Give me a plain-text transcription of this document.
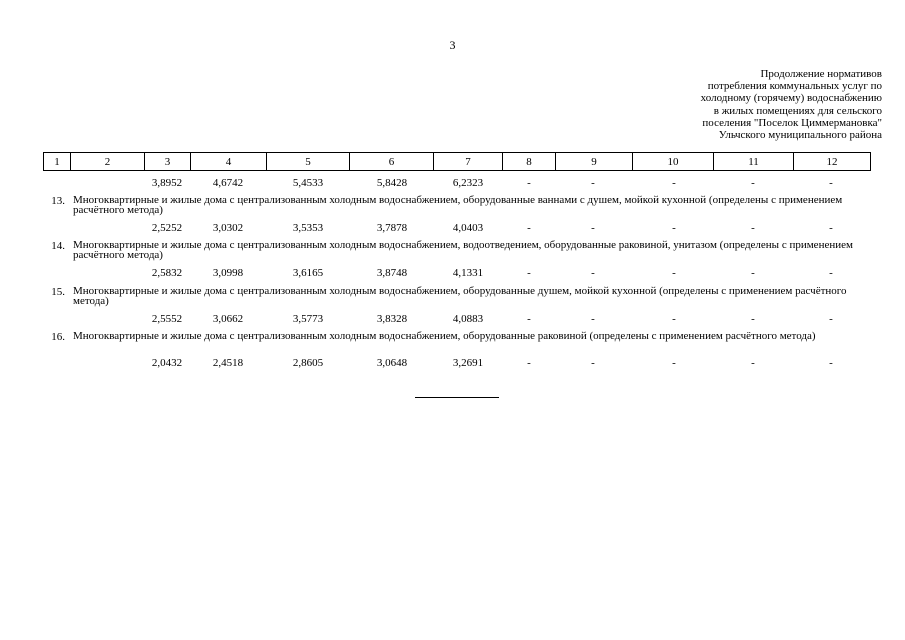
3
Продолжение нормативов
потребления коммунальных услуг по
холодному (горячему) водоснабжению
в жилых помещениях для сельского
поселения "Поселок Циммермановка"
Ульчского муниципального района
1	2	3	4	5	6	7	8	9	10	11	12
3,8952	4,6742	5,4533	5,8428	6,2323	-	-	-	-	-
13. Многоквартирные и жилые дома с централизованным холодным водоснабжением, оборудованные ваннами с душем, мойкой кухонной (определены с применением расчётного метода)
2,5252	3,0302	3,5353	3,7878	4,0403	-	-	-	-	-
14. Многоквартирные и жилые дома с централизованным холодным водоснабжением, водоотведением, оборудованные раковиной, унитазом (определены с применением расчётного метода)
2,5832	3,0998	3,6165	3,8748	4,1331	-	-	-	-	-
15. Многоквартирные и жилые дома с централизованным холодным водоснабжением, оборудованные душем, мойкой кухонной (определены с применением расчётного метода)
2,5552	3,0662	3,5773	3,8328	4,0883	-	-	-	-	-
16. Многоквартирные и жилые дома с централизованным холодным водоснабжением, оборудованные раковиной (определены с применением расчётного метода)
2,0432	2,4518	2,8605	3,0648	3,2691	-	-	-	-	-
